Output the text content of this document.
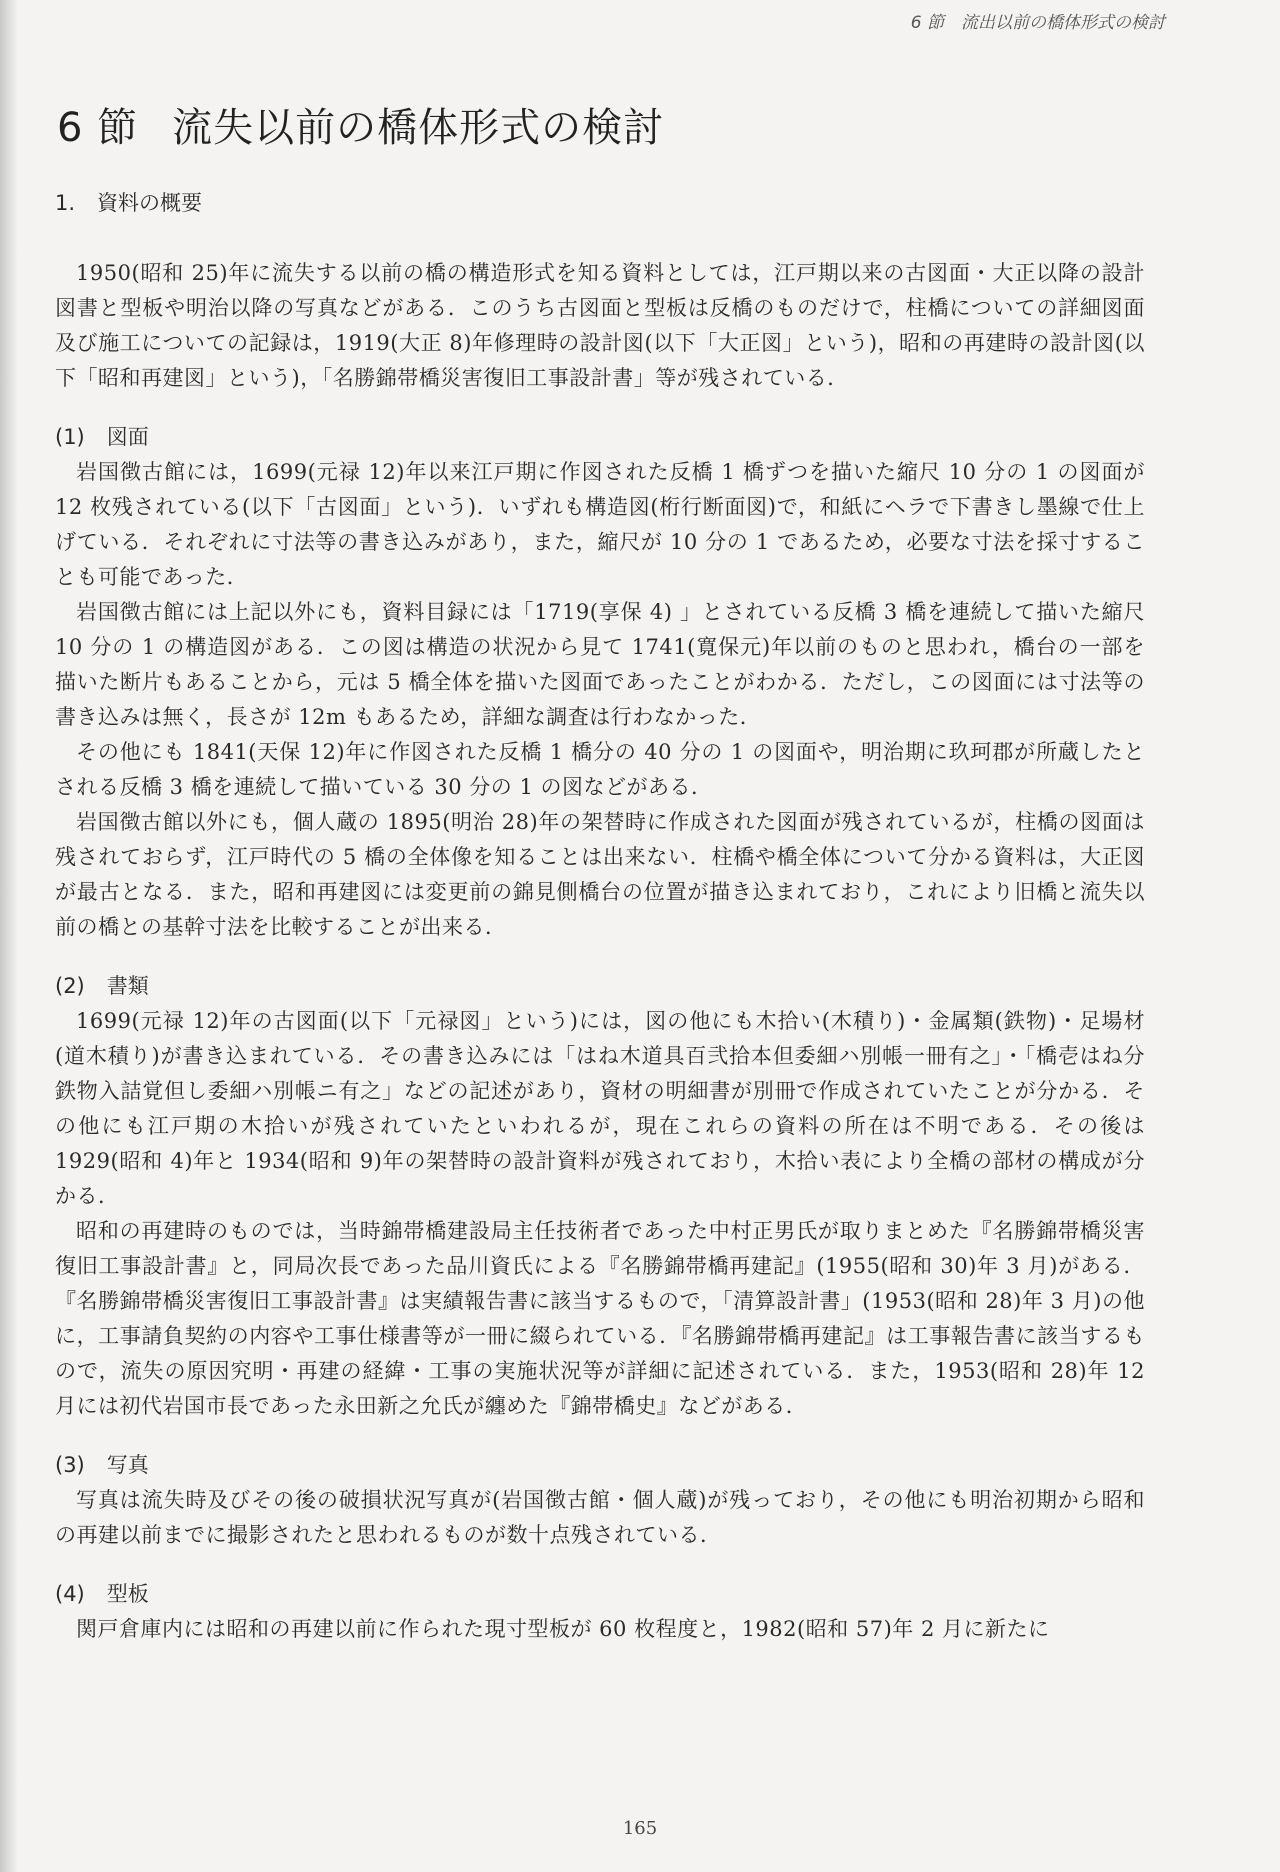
6 節　流出以前の橋体形式の検討
6 節 流失以前の橋体形式の検討
1. 資料の概要

1950(昭和 25)年に流失する以前の橋の構造形式を知る資料としては，江戸期以来の古図面・大正以降の設計図書と型板や明治以降の写真などがある．このうち古図面と型板は反橋のものだけで，柱橋についての詳細図面及び施工についての記録は，1919(大正 8)年修理時の設計図(以下「大正図」という)，昭和の再建時の設計図(以下「昭和再建図」という)，「名勝錦帯橋災害復旧工事設計書」等が残されている．

(1) 図面

岩国徴古館には，1699(元禄 12)年以来江戸期に作図された反橋 1 橋ずつを描いた縮尺 10 分の 1 の図面が 12 枚残されている(以下「古図面」という)．いずれも構造図(桁行断面図)で，和紙にヘラで下書きし墨線で仕上げている．それぞれに寸法等の書き込みがあり，また，縮尺が 10 分の 1 であるため，必要な寸法を採寸することも可能であった．

岩国徴古館には上記以外にも，資料目録には「1719(享保 4) 」とされている反橋 3 橋を連続して描いた縮尺 10 分の 1 の構造図がある．この図は構造の状況から見て 1741(寛保元)年以前のものと思われ，橋台の一部を描いた断片もあることから，元は 5 橋全体を描いた図面であったことがわかる．ただし，この図面には寸法等の書き込みは無く，長さが 12m もあるため，詳細な調査は行わなかった．

その他にも 1841(天保 12)年に作図された反橋 1 橋分の 40 分の 1 の図面や，明治期に玖珂郡が所蔵したとされる反橋 3 橋を連続して描いている 30 分の 1 の図などがある．

岩国徴古館以外にも，個人蔵の 1895(明治 28)年の架替時に作成された図面が残されているが，柱橋の図面は残されておらず，江戸時代の 5 橋の全体像を知ることは出来ない．柱橋や橋全体について分かる資料は，大正図が最古となる．また，昭和再建図には変更前の錦見側橋台の位置が描き込まれており，これにより旧橋と流失以前の橋との基幹寸法を比較することが出来る．

(2) 書類

1699(元禄 12)年の古図面(以下「元禄図」という)には，図の他にも木拾い(木積り)・金属類(鉄物)・足場材(道木積り)が書き込まれている．その書き込みには「はね木道具百弐拾本但委細ハ別帳一冊有之」・「橋壱はね分鉄物入詰覚但し委細ハ別帳ニ有之」などの記述があり，資材の明細書が別冊で作成されていたことが分かる．その他にも江戸期の木拾いが残されていたといわれるが，現在これらの資料の所在は不明である．その後は 1929(昭和 4)年と 1934(昭和 9)年の架替時の設計資料が残されており，木拾い表により全橋の部材の構成が分かる．

昭和の再建時のものでは，当時錦帯橋建設局主任技術者であった中村正男氏が取りまとめた『名勝錦帯橋災害復旧工事設計書』と，同局次長であった品川資氏による『名勝錦帯橋再建記』(1955(昭和 30)年 3 月)がある．『名勝錦帯橋災害復旧工事設計書』は実績報告書に該当するもので，「清算設計書」(1953(昭和 28)年 3 月)の他に，工事請負契約の内容や工事仕様書等が一冊に綴られている．『名勝錦帯橋再建記』は工事報告書に該当するもので，流失の原因究明・再建の経緯・工事の実施状況等が詳細に記述されている．また，1953(昭和 28)年 12 月には初代岩国市長であった永田新之允氏が纏めた『錦帯橋史』などがある．

(3) 写真

写真は流失時及びその後の破損状況写真が(岩国徴古館・個人蔵)が残っており，その他にも明治初期から昭和の再建以前までに撮影されたと思われるものが数十点残されている．

(4) 型板

関戸倉庫内には昭和の再建以前に作られた現寸型板が 60 枚程度と，1982(昭和 57)年 2 月に新たに

165
